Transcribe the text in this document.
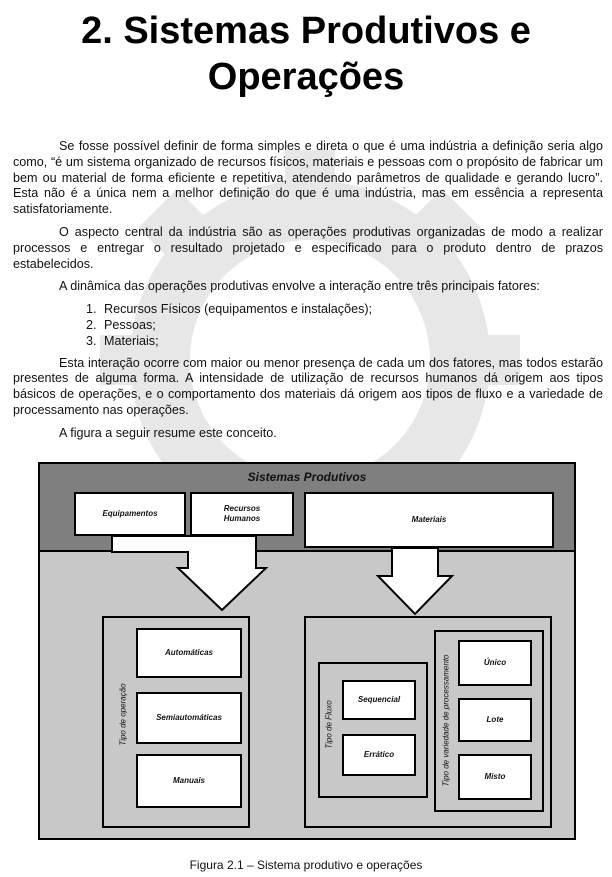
2. Sistemas Produtivos e
Operações

Se fosse possível definir de forma simples e direta o que é uma indústria a definição seria algo como, “é um sistema organizado de recursos físicos, materiais e pessoas com o propósito de fabricar um bem ou material de forma eficiente e repetitiva, atendendo parâmetros de qualidade e gerando lucro”. Esta não é a única nem a melhor definição do que é uma indústria, mas em essência a representa satisfatoriamente.

O aspecto central da indústria são as operações produtivas organizadas de modo a realizar processos e entregar o resultado projetado e especificado para o produto dentro de prazos estabelecidos.

A dinâmica das operações produtivas envolve a interação entre três principais fatores:

1. Recursos Físicos (equipamentos e instalações);
2. Pessoas;
3. Materiais;

Esta interação ocorre com maior ou menor presença de cada um dos fatores, mas todos estarão presentes de alguma forma. A intensidade de utilização de recursos humanos dá origem aos tipos básicos de operações, e o comportamento dos materiais dá origem aos tipos de fluxo e a variedade de processamento nas operações.

A figura a seguir resume este conceito.

Sistemas Produtivos
Equipamentos
Recursos
Humanos	Materiais
Tipo de operação
Automáticas
Semiautomáticas
Manuais
Tipo de Fluxo
Sequencial
Errático	Tipo de variedade de processamento	Único
Lote
Misto
Figura 2.1 – Sistema produtivo e operações
